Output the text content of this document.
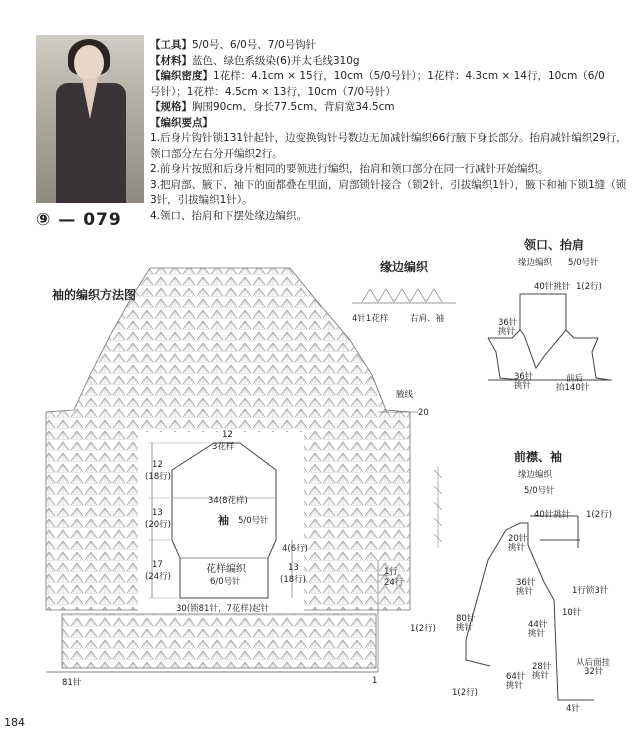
【工具】5/0号、6/0号、7/0号钩针

【材料】蓝色、绿色系级染(6)并太毛线310g

【编织密度】1花样：4.1cm × 15行，10cm（5/0号针）；1花样：4.3cm × 14行，10cm（6/0

号针）；1花样：4.5cm × 13行，10cm（7/0号针）

【规格】胸围90cm、身长77.5cm、背肩宽34.5cm

【编织要点】

1.后身片钩针锁131针起针，边变换钩针号数边无加减针编织66行腋下身长部分。抬肩减针编织29行，领口部分左右分开编织2行。

2.前身片按照和后身片相同的要领进行编织，抬肩和领口部分在同一行减针开始编织。

3.把肩部、腋下、袖下的面都叠在里面，肩部锁针接合（锁2针，引拔编织1针），腋下和袖下锁1缝（锁3针，引拔编织1针）。

4.领口、抬肩和下摆处缘边编织。

⑨ — 079
袖的编织方法图
81针	1
腋线
20
1行
24行
12
3花样
12
(18行)
13
(20行)
17
(24行)
34(8花样)
袖 5/0号针
花样编织
6/0号针
4(6行)
13
(18行)
30(锁81针，7花样)起针
缘边编织
4针1花样	右肩、袖
领口、抬肩
缘边编织 5/0号针
40针挑针 1(2行)
36针
挑针
36针
挑针
前后
抬140针
前襟、袖
缘边编织
5/0号针
40针挑针 1(2行)
20针
挑针
36针
挑针
80针
挑针
1(2行)	44针
挑针
10针
28针
挑针
64针
挑针
1(2行)
1行锁3针
从后面挂
32针
4针
184
